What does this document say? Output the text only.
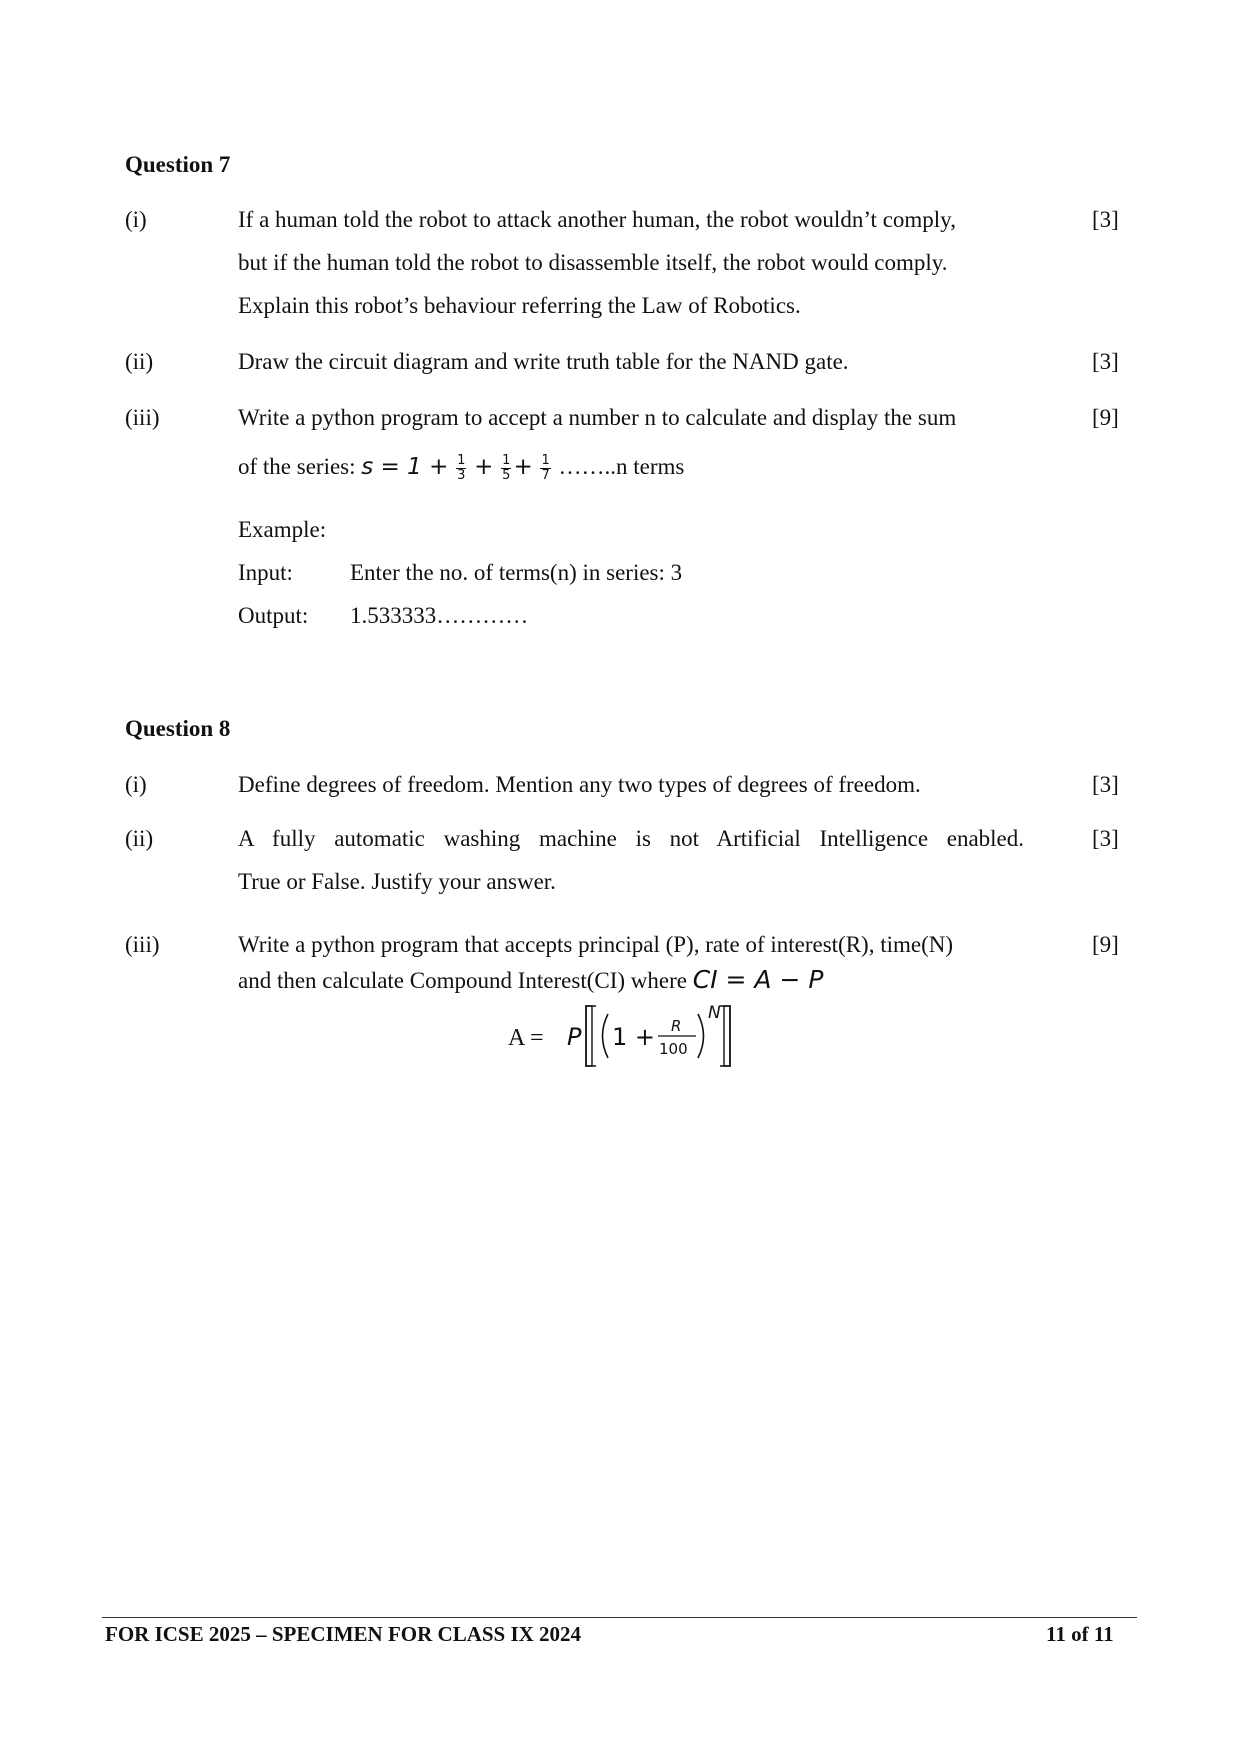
Question 7
(i)	If a human told the robot to attack another human, the robot wouldn’t comply,
but if the human told the robot to disassemble itself, the robot would comply.
Explain this robot’s behaviour referring the Law of Robotics.
[3]
(ii)	Draw the circuit diagram and write truth table for the NAND gate.	[3]
(iii)	Write a python program to accept a number n to calculate and display the sum	[9]
of the series: $s = 1 + \frac{1}{3} + \frac{1}{5} + \frac{1}{7}$ ……..n terms
Example:
Input: Enter the no. of terms(n) in series: 3
Output: 1.533333…………
Question 8
(i)	Define degrees of freedom. Mention any two types of degrees of freedom.	[3]
(ii)	A fully automatic washing machine is not Artificial Intelligence enabled.
True or False. Justify your answer.
[3]
(iii)	Write a python program that accepts principal (P), rate of interest(R), time(N)
and then calculate Compound Interest(CI) where CI = A − P
[9]
A = P 1 + R
100
N
FOR ICSE 2025 – SPECIMEN FOR CLASS IX 2024	11 of 11
